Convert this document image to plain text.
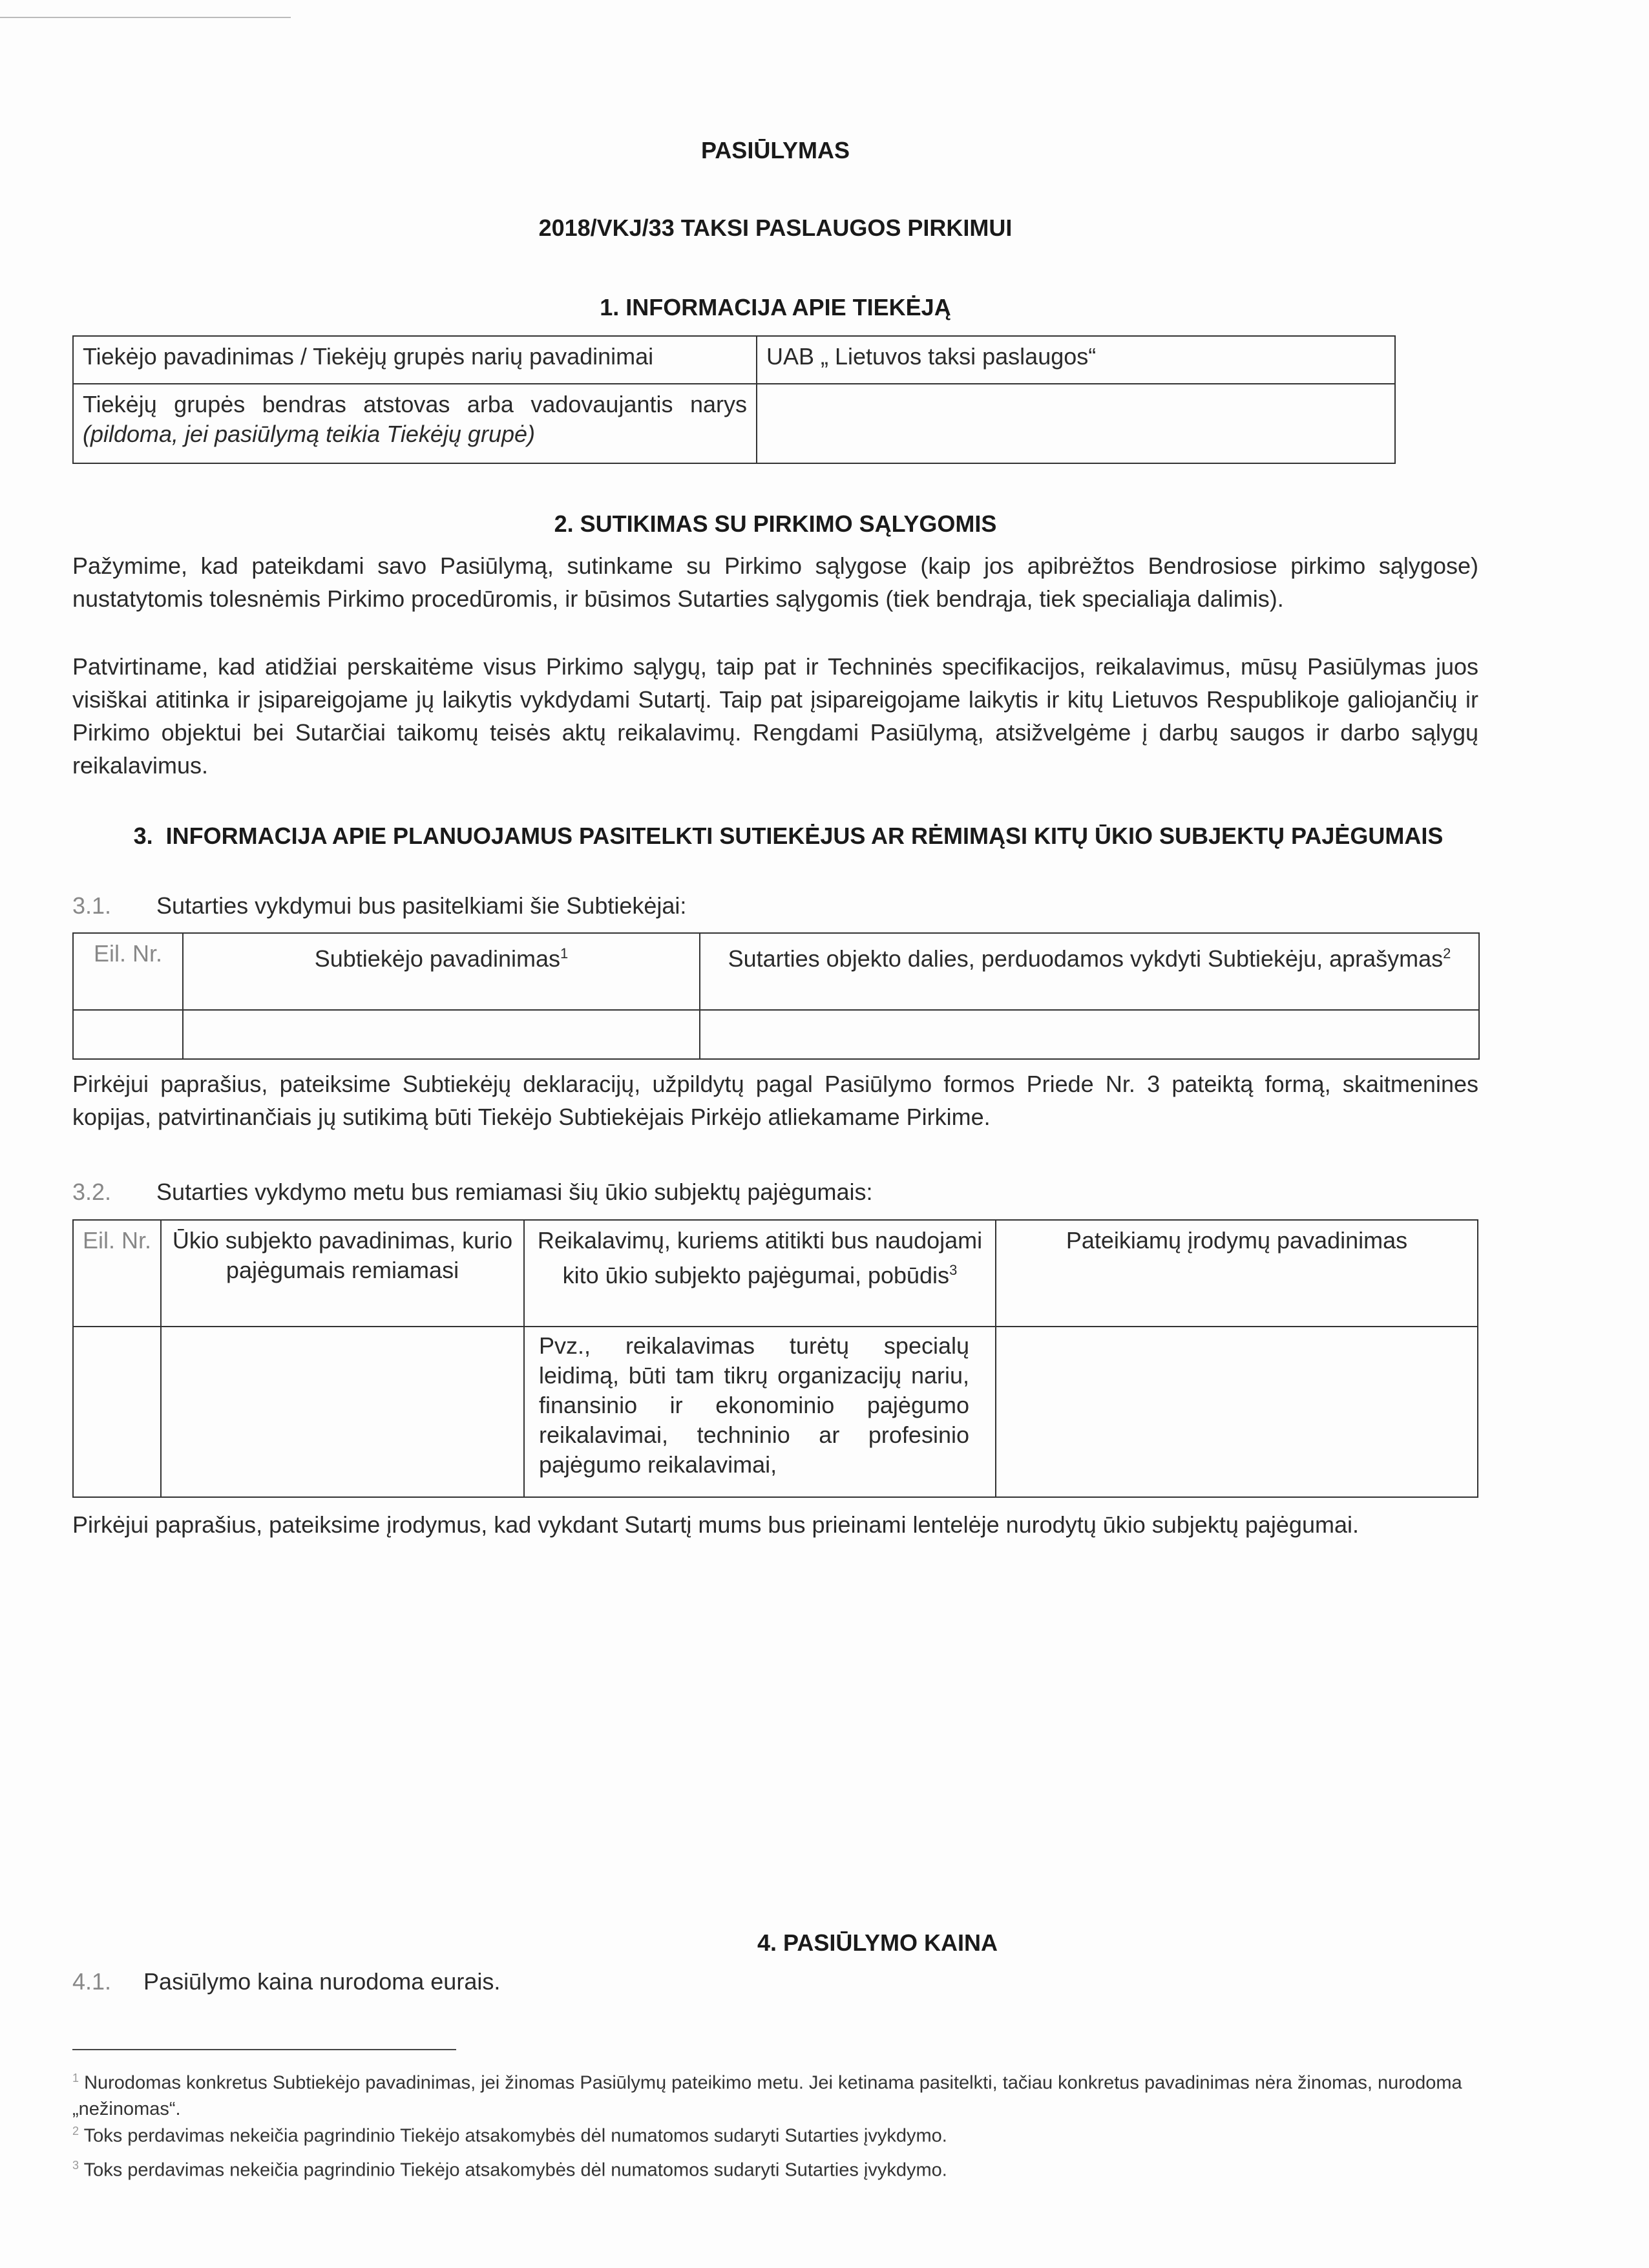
PASIŪLYMAS
2018/VKJ/33 TAKSI PASLAUGOS PIRKIMUI
1. INFORMACIJA APIE TIEKĖJĄ
Tiekėjo pavadinimas / Tiekėjų grupės narių pavadinimai	UAB „ Lietuvos taksi paslaugos“
Tiekėjų grupės bendras atstovas arba vadovaujantis narys (pildoma, jei pasiūlymą teikia Tiekėjų grupė)	
2. SUTIKIMAS SU PIRKIMO SĄLYGOMIS
Pažymime, kad pateikdami savo Pasiūlymą, sutinkame su Pirkimo sąlygose (kaip jos apibrėžtos Bendrosiose pirkimo sąlygose) nustatytomis tolesnėmis Pirkimo procedūromis, ir būsimos Sutarties sąlygomis (tiek bendrąja, tiek specialiąja dalimis).
Patvirtiname, kad atidžiai perskaitėme visus Pirkimo sąlygų, taip pat ir Techninės specifikacijos, reikalavimus, mūsų Pasiūlymas juos visiškai atitinka ir įsipareigojame jų laikytis vykdydami Sutartį. Taip pat įsipareigojame laikytis ir kitų Lietuvos Respublikoje galiojančių ir Pirkimo objektui bei Sutarčiai taikomų teisės aktų reikalavimų. Rengdami Pasiūlymą, atsižvelgėme į darbų saugos ir darbo sąlygų reikalavimus.
3. INFORMACIJA APIE PLANUOJAMUS PASITELKTI SUTIEKĖJUS AR RĖMIMĄSI KITŲ ŪKIO SUBJEKTŲ PAJĖGUMAIS
3.1. Sutarties vykdymui bus pasitelkiami šie Subtiekėjai:
Eil. Nr.	Subtiekėjo pavadinimas$^1$	Sutarties objekto dalies, perduodamos vykdyti Subtiekėju, aprašymas$^2$

Pirkėjui paprašius, pateiksime Subtiekėjų deklaracijų, užpildytų pagal Pasiūlymo formos Priede Nr. 3 pateiktą formą, skaitmenines kopijas, patvirtinančiais jų sutikimą būti Tiekėjo Subtiekėjais Pirkėjo atliekamame Pirkime.
3.2. Sutarties vykdymo metu bus remiamasi šių ūkio subjektų pajėgumais:
Eil. Nr.	Ūkio subjekto pavadinimas, kurio pajėgumais remiamasi	Reikalavimų, kuriems atitikti bus naudojami kito ūkio subjekto pajėgumai, pobūdis$^3$	Pateikiamų įrodymų pavadinimas
		Pvz., reikalavimas turėtų specialų leidimą, būti tam tikrų organizacijų nariu, finansinio ir ekonominio pajėgumo reikalavimai, techninio ar profesinio pajėgumo reikalavimai,	
Pirkėjui paprašius, pateiksime įrodymus, kad vykdant Sutartį mums bus prieinami lentelėje nurodytų ūkio subjektų pajėgumai.
4. PASIŪLYMO KAINA
4.1. Pasiūlymo kaina nurodoma eurais.
$^1$ Nurodomas konkretus Subtiekėjo pavadinimas, jei žinomas Pasiūlymų pateikimo metu. Jei ketinama pasitelkti, tačiau konkretus pavadinimas nėra žinomas, nurodoma „nežinomas“.
$^2$ Toks perdavimas nekeičia pagrindinio Tiekėjo atsakomybės dėl numatomos sudaryti Sutarties įvykdymo.
$^3$ Toks perdavimas nekeičia pagrindinio Tiekėjo atsakomybės dėl numatomos sudaryti Sutarties įvykdymo.
